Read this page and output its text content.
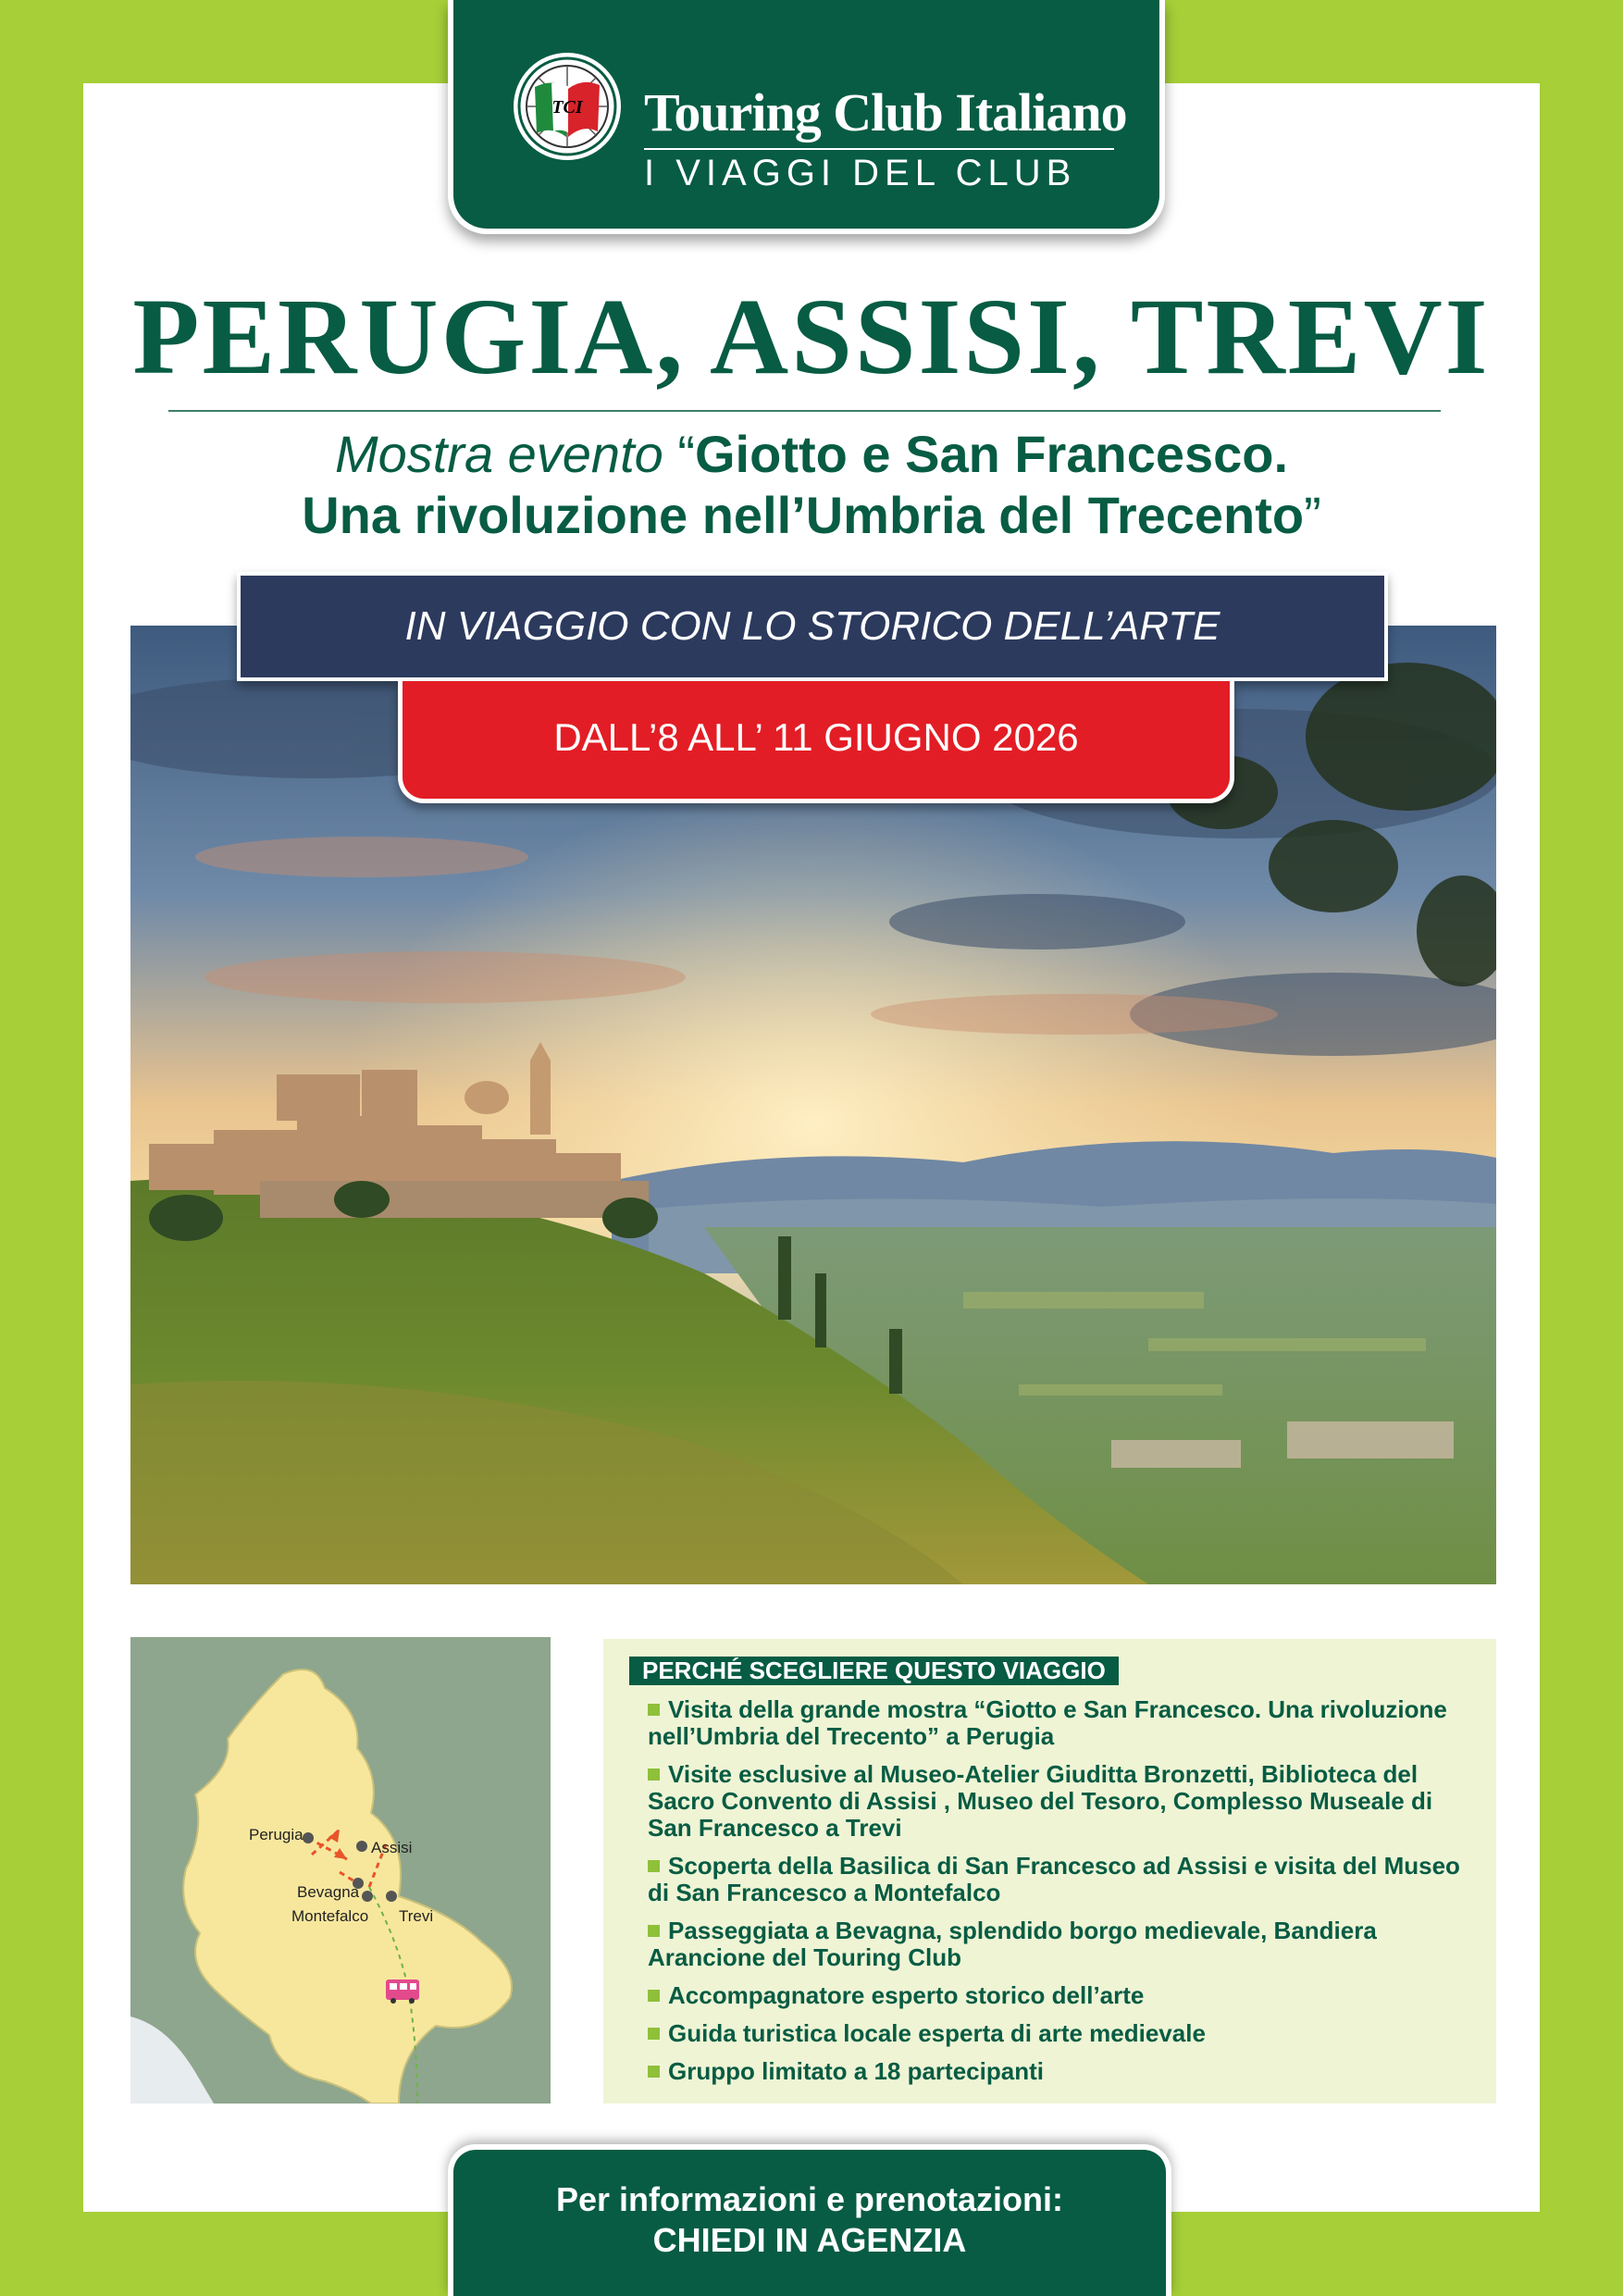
TCI Touring Club Italiano
I VIAGGI DEL CLUB
PERUGIA, ASSISI, TREVI
Mostra evento “Giotto e San Francesco.
Una rivoluzione nell’Umbria del Trecento”
IN VIAGGIO CON LO STORICO DELL’ARTE
DALL’8 ALL’ 11 GIUGNO 2026
Perugia
Assisi
Bevagna
Montefalco Trevi
PERCHÉ SCEGLIERE QUESTO VIAGGIO
Visita della grande mostra “Giotto e San Francesco. Una rivoluzione nell’Umbria del Trecento” a Perugia
Visite esclusive al Museo-Atelier Giuditta Bronzetti, Biblioteca del Sacro Convento di Assisi , Museo del Tesoro, Complesso Museale di San Francesco a Trevi
Scoperta della Basilica di San Francesco ad Assisi e visita del Museo di San Francesco a Montefalco
Passeggiata a Bevagna, splendido borgo medievale, Bandiera Arancione del Touring Club
Accompagnatore esperto storico dell’arte
Guida turistica locale esperta di arte medievale
Gruppo limitato a 18 partecipanti
Per informazioni e prenotazioni:
CHIEDI IN AGENZIA
